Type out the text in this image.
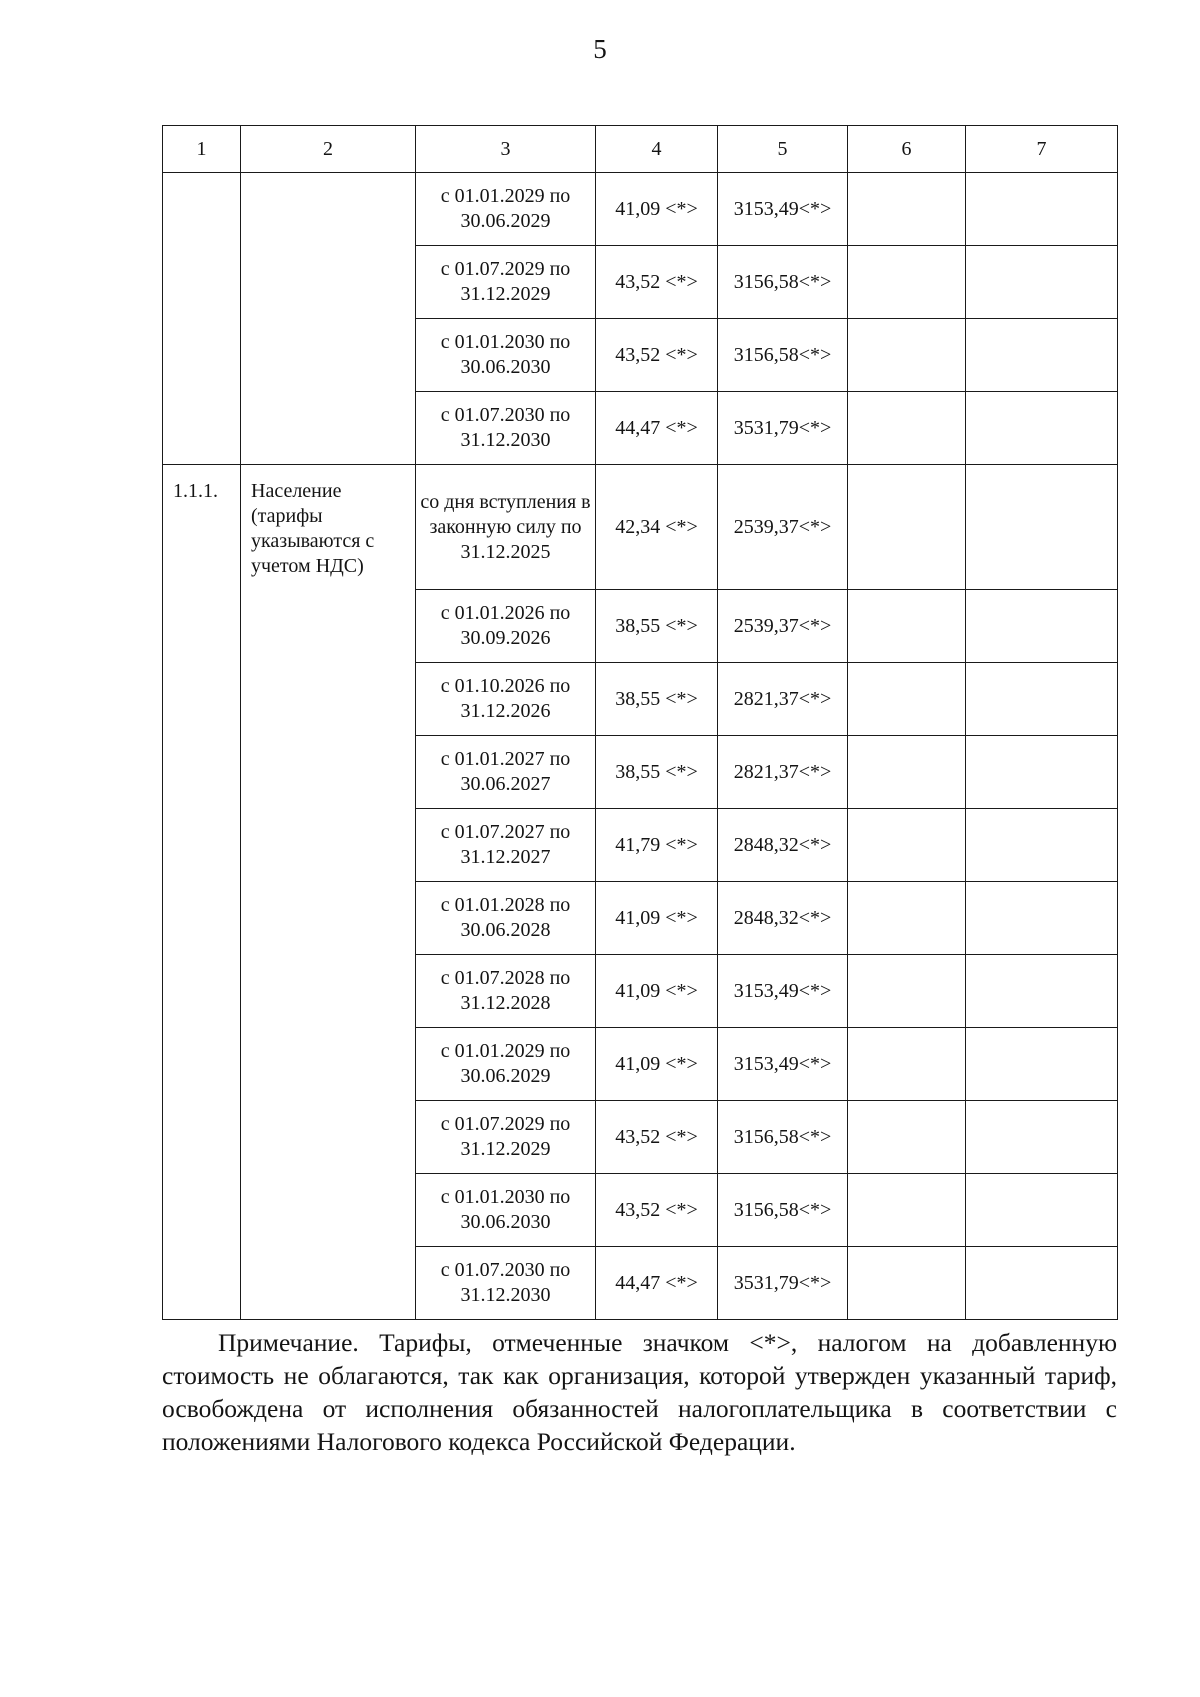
5
1	2	3	4	5	6	7
		с 01.01.2029 по 30.06.2029	41,09 <*>	3153,49<*>		
		с 01.07.2029 по 31.12.2029	43,52 <*>	3156,58<*>		
		с 01.01.2030 по 30.06.2030	43,52 <*>	3156,58<*>		
		с 01.07.2030 по 31.12.2030	44,47 <*>	3531,79<*>		
1.1.1.	Население (тарифы указываются с учетом НДС)	со дня вступления в законную силу по 31.12.2025	42,34 <*>	2539,37<*>		
		с 01.01.2026 по 30.09.2026	38,55 <*>	2539,37<*>		
		с 01.10.2026 по 31.12.2026	38,55 <*>	2821,37<*>		
		с 01.01.2027 по 30.06.2027	38,55 <*>	2821,37<*>		
		с 01.07.2027 по 31.12.2027	41,79 <*>	2848,32<*>		
		с 01.01.2028 по 30.06.2028	41,09 <*>	2848,32<*>		
		с 01.07.2028 по 31.12.2028	41,09 <*>	3153,49<*>		
		с 01.01.2029 по 30.06.2029	41,09 <*>	3153,49<*>		
		с 01.07.2029 по 31.12.2029	43,52 <*>	3156,58<*>		
		с 01.01.2030 по 30.06.2030	43,52 <*>	3156,58<*>		
		с 01.07.2030 по 31.12.2030	44,47 <*>	3531,79<*>		

Примечание. Тарифы, отмеченные значком <*>, налогом на добавленную стоимость не облагаются, так как организация, которой утвержден указанный тариф, освобождена от исполнения обязанностей налогоплательщика в соответствии с положениями Налогового кодекса Российской Федерации.
